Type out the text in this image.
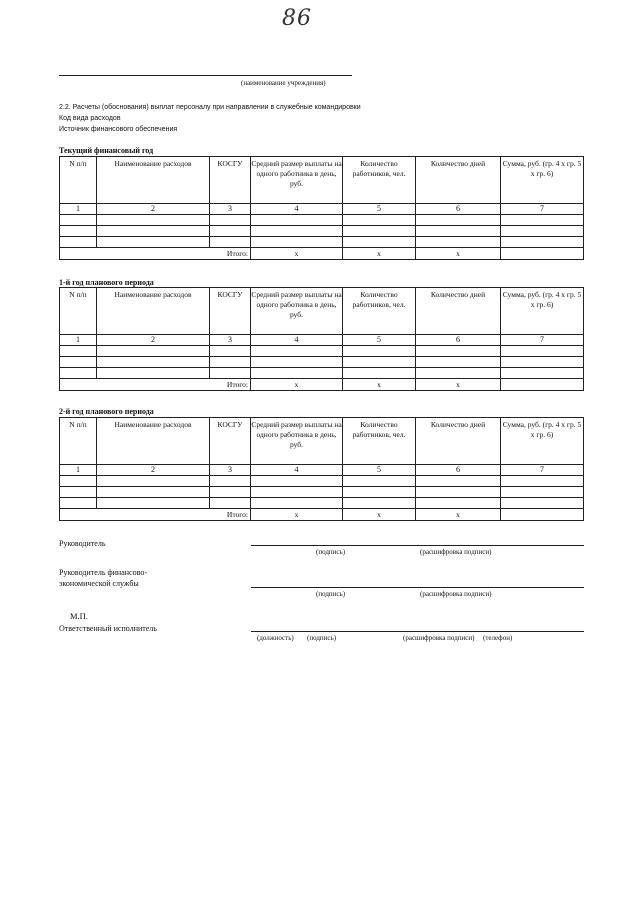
86
(наименование учреждения)
2.2. Расчеты (обоснования) выплат персоналу при направлении в служебные командировки
Код вида расходов
Источник финансового обеспечения
Текущий финансовый год
N п/п	Наименование расходов	КОСГУ	Средний размер выплаты на одного работника в день, руб.	Количество работников, чел.	Количество дней	Сумма, руб. (гр. 4 x гр. 5 x гр. 6)
1	2	3	4	5	6	7

Итого:			x	x	x	
1-й год планового периода
N п/п	Наименование расходов	КОСГУ	Средний размер выплаты на одного работника в день, руб.	Количество работников, чел.	Количество дней	Сумма, руб. (гр. 4 x гр. 5 x гр. 6)
1	2	3	4	5	6	7

Итого:			x	x	x	
2-й год планового периода
N п/п	Наименование расходов	КОСГУ	Средний размер выплаты на одного работника в день, руб.	Количество работников, чел.	Количество дней	Сумма, руб. (гр. 4 x гр. 5 x гр. 6)
1	2	3	4	5	6	7

Итого:			x	x	x	
Руководитель
(подпись)	(расшифровка подписи)
Руководитель финансово-
экономической службы
(подпись)	(расшифровка подписи)
М.П.
Ответственный исполнитель
(должность) (подпись)	(расшифровка подписи) (телефон)
